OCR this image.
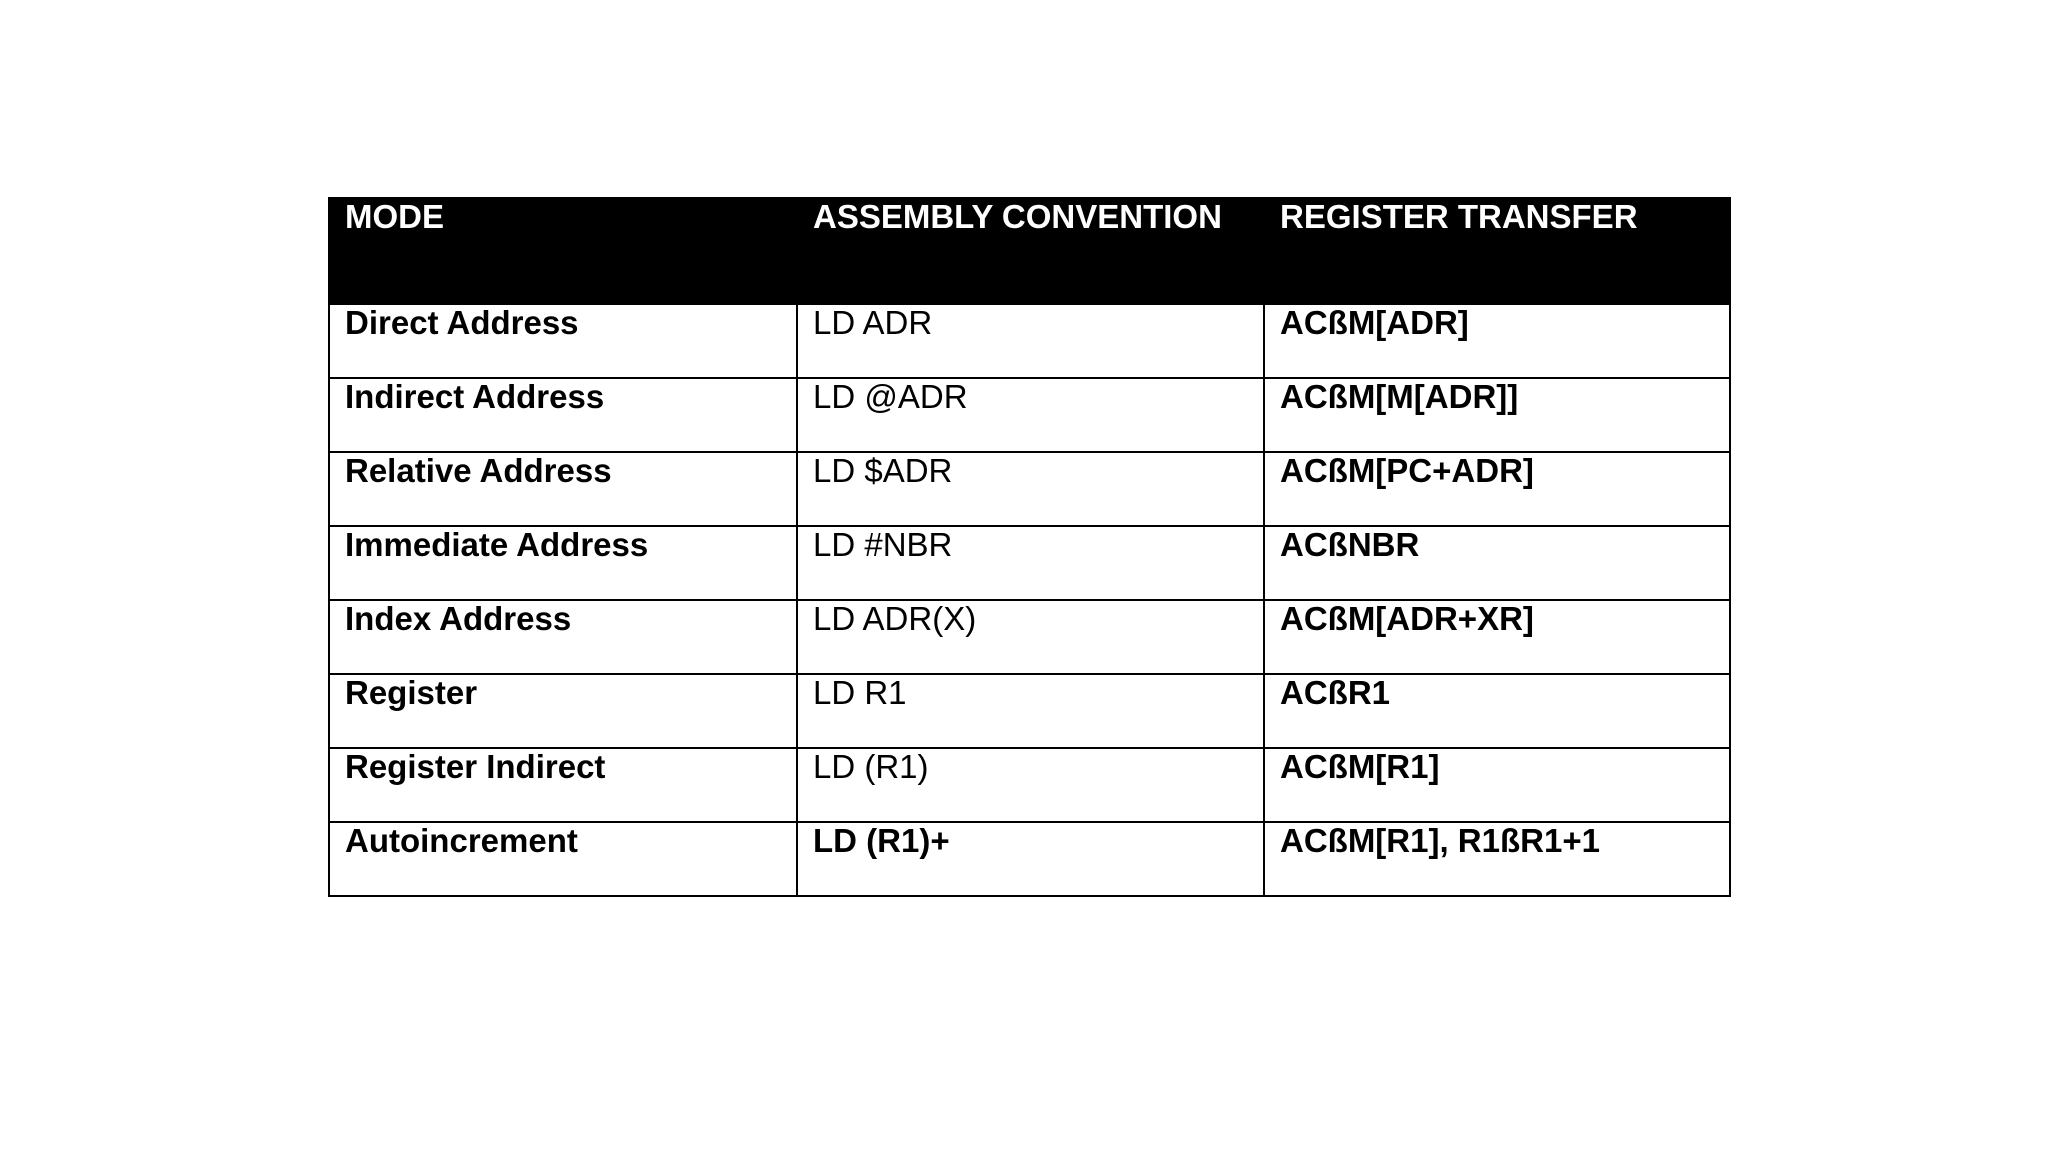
MODE	ASSEMBLY CONVENTION	REGISTER TRANSFER
Direct Address	LD ADR	ACßM[ADR]
Indirect Address	LD @ADR	ACßM[M[ADR]]
Relative Address	LD $ADR	ACßM[PC+ADR]
Immediate Address	LD #NBR	ACßNBR
Index Address	LD ADR(X)	ACßM[ADR+XR]
Register	LD R1	ACßR1
Register Indirect	LD (R1)	ACßM[R1]
Autoincrement	LD (R1)+	ACßM[R1], R1ßR1+1
